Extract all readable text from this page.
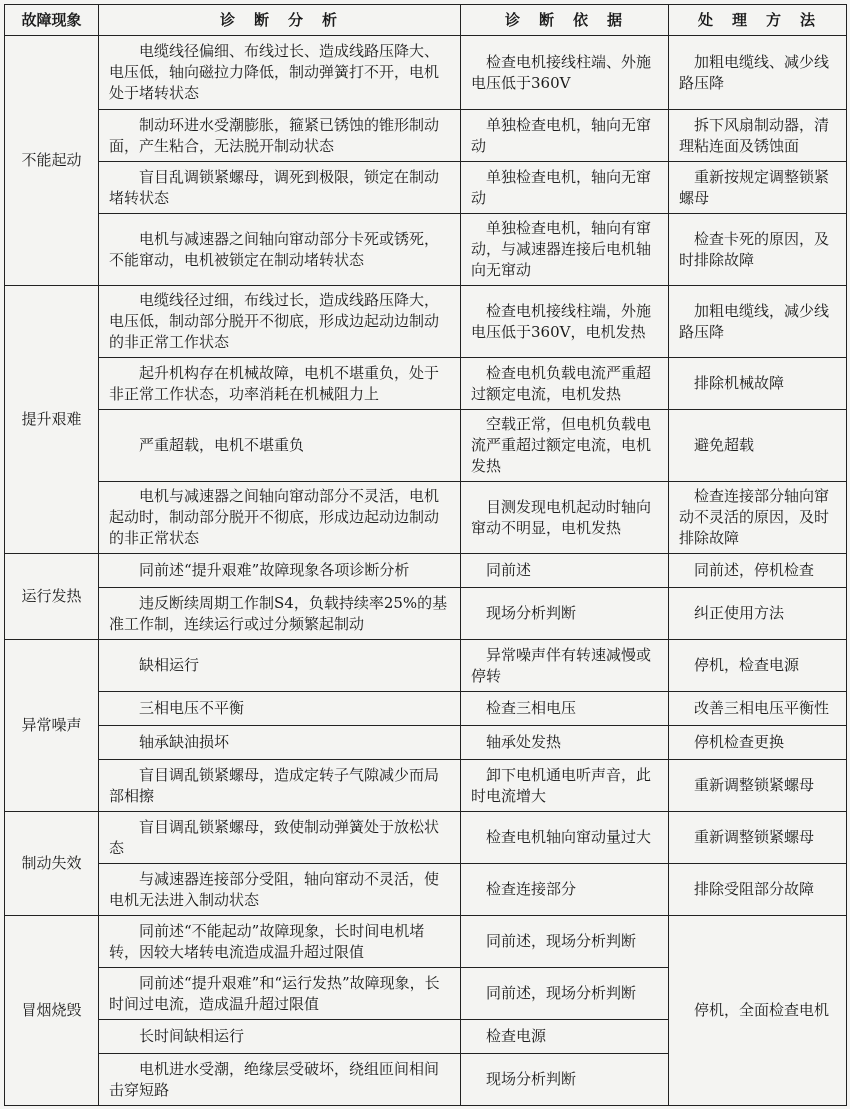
故障现象	诊　断　分　析	诊　断　依　据	处　理　方　法
不能起动	电缆线径偏细、布线过长、造成线路压降大、电压低，轴向磁拉力降低，制动弹簧打不开，电机处于堵转状态	检查电机接线柱端、外施电压低于360V	加粗电缆线、减少线路压降
	制动环进水受潮膨胀，箍紧已锈蚀的锥形制动面，产生粘合，无法脱开制动状态	单独检查电机，轴向无窜动	拆下风扇制动器，清理粘连面及锈蚀面
	盲目乱调锁紧螺母，调死到极限，锁定在制动堵转状态	单独检查电机，轴向无窜动	重新按规定调整锁紧螺母
	电机与减速器之间轴向窜动部分卡死或锈死，不能窜动，电机被锁定在制动堵转状态	单独检查电机，轴向有窜动，与减速器连接后电机轴向无窜动	检查卡死的原因，及时排除故障
提升艰难	电缆线径过细，布线过长，造成线路压降大，电压低，制动部分脱开不彻底，形成边起动边制动的非正常工作状态	检查电机接线柱端，外施电压低于360V，电机发热	加粗电缆线，减少线路压降
	起升机构存在机械故障，电机不堪重负，处于非正常工作状态，功率消耗在机械阻力上	检查电机负载电流严重超过额定电流，电机发热	排除机械故障
	严重超载，电机不堪重负	空载正常，但电机负载电流严重超过额定电流，电机发热	避免超载
	电机与减速器之间轴向窜动部分不灵活，电机起动时，制动部分脱开不彻底，形成边起动边制动的非正常状态	目测发现电机起动时轴向窜动不明显，电机发热	检查连接部分轴向窜动不灵活的原因，及时排除故障
运行发热	同前述“提升艰难”故障现象各项诊断分析	同前述	同前述，停机检查
	违反断续周期工作制S4，负载持续率25%的基准工作制，连续运行或过分频繁起制动	现场分析判断	纠正使用方法
异常噪声	缺相运行	异常噪声伴有转速减慢或停转	停机，检查电源
	三相电压不平衡	检查三相电压	改善三相电压平衡性
	轴承缺油损坏	轴承处发热	停机检查更换
	盲目调乱锁紧螺母，造成定转子气隙减少而局部相擦	卸下电机通电听声音，此时电流增大	重新调整锁紧螺母
制动失效	盲目调乱锁紧螺母，致使制动弹簧处于放松状态	检查电机轴向窜动量过大	重新调整锁紧螺母
	与减速器连接部分受阻，轴向窜动不灵活，使电机无法进入制动状态	检查连接部分	排除受阻部分故障
冒烟烧毁	同前述“不能起动”故障现象，长时间电机堵转，因较大堵转电流造成温升超过限值	同前述，现场分析判断	停机，全面检查电机
	同前述“提升艰难”和“运行发热”故障现象，长时间过电流，造成温升超过限值	同前述，现场分析判断	
	长时间缺相运行	检查电源	
	电机进水受潮，绝缘层受破坏，绕组匝间相间击穿短路	现场分析判断	
